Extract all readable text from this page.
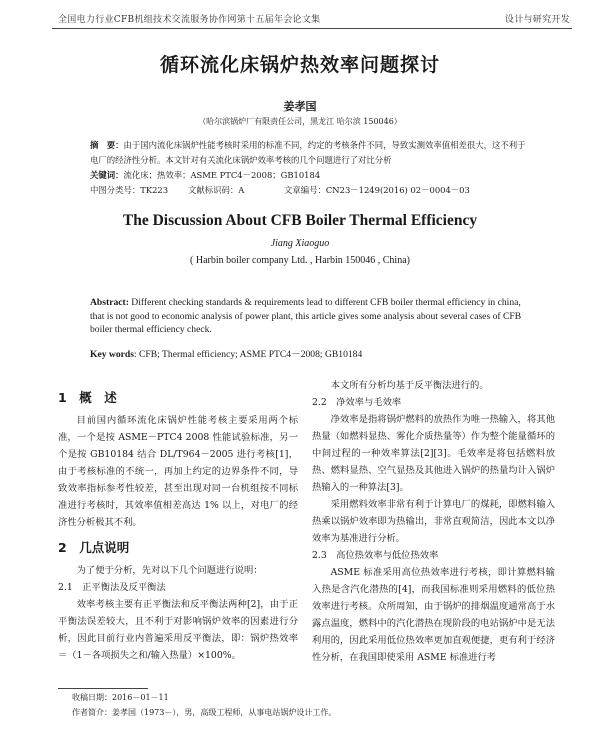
全国电力行业CFB机组技术交流服务协作网第十五届年会论文集	设计与研究开发
循环流化床锅炉热效率问题探讨
姜孝国
（哈尔滨锅炉厂有限责任公司，黑龙江 哈尔滨 150046）
摘　要：由于国内流化床锅炉性能考核时采用的标准不同，约定的考核条件不同，导致实测效率值相差很大，这不利于电厂的经济性分析。本文针对有关流化床锅炉效率考核的几个问题进行了对比分析
关键词：流化床；热效率；ASME PTC4－2008；GB10184
中图分类号：TK223	文献标识码：A	文章编号：CN23－1249(2016) 02－0004－03
The Discussion About CFB Boiler Thermal Efficiency
Jiang Xiaoguo
( Harbin boiler company Ltd. , Harbin 150046 , China)
Abstract: Different checking standards & requirements lead to different CFB boiler thermal efficiency in china, that is not good to economic analysis of power plant, this article gives some analysis about several cases of CFB boiler thermal efficiency check.
Key words: CFB; Thermal efficiency; ASME PTC4－2008; GB10184
1　概　述

目前国内循环流化床锅炉性能考核主要采用两个标准，一个是按 ASME－PTC4 2008 性能试验标准，另一个是按 GB10184 结合 DL/T964－2005 进行考核[1]，由于考核标准的不统一，再加上约定的边界条件不同，导致效率指标参考性较差，甚至出现对同一台机组按不同标准进行考核时，其效率值相差高达 1% 以上，对电厂的经济性分析极其不利。

2　几点说明

为了便于分析，先对以下几个问题进行说明：

2.1　正平衡法及反平衡法

效率考核主要有正平衡法和反平衡法两种[2]，由于正平衡法误差较大，且不利于对影响锅炉效率的因素进行分析，因此目前行业内普遍采用反平衡法，即：锅炉热效率＝（1－各项损失之和/输入热量）×100%。

本文所有分析均基于反平衡法进行的。

2.2　净效率与毛效率

净效率是指将锅炉燃料的放热作为唯一热输入，将其他热量（如燃料显热、雾化介质热量等）作为整个能量循环的中间过程的一种效率算法[2][3]。毛效率是将包括燃料放热、燃料显热、空气显热及其他进入锅炉的热量均计入锅炉热输入的一种算法[3]。

采用燃料效率非常有利于计算电厂的煤耗，即燃料输入热乘以锅炉效率即为热输出，非常直观简洁，因此本文以净效率为基准进行分析。

2.3　高位热效率与低位热效率

ASME 标准采用高位热效率进行考核，即计算燃料输入热是含汽化潜热的[4]，而我国标准则采用燃料的低位热效率进行考核。众所周知，由于锅炉的排烟温度通常高于水露点温度，燃料中的汽化潜热在现阶段的电站锅炉中是无法利用的，因此采用低位热效率更加直观便捷，更有利于经济性分析，在我国即使采用 ASME 标准进行考

收稿日期：2016－01－11
作者简介：姜孝国（1973－），男，高级工程师，从事电站锅炉设计工作。
